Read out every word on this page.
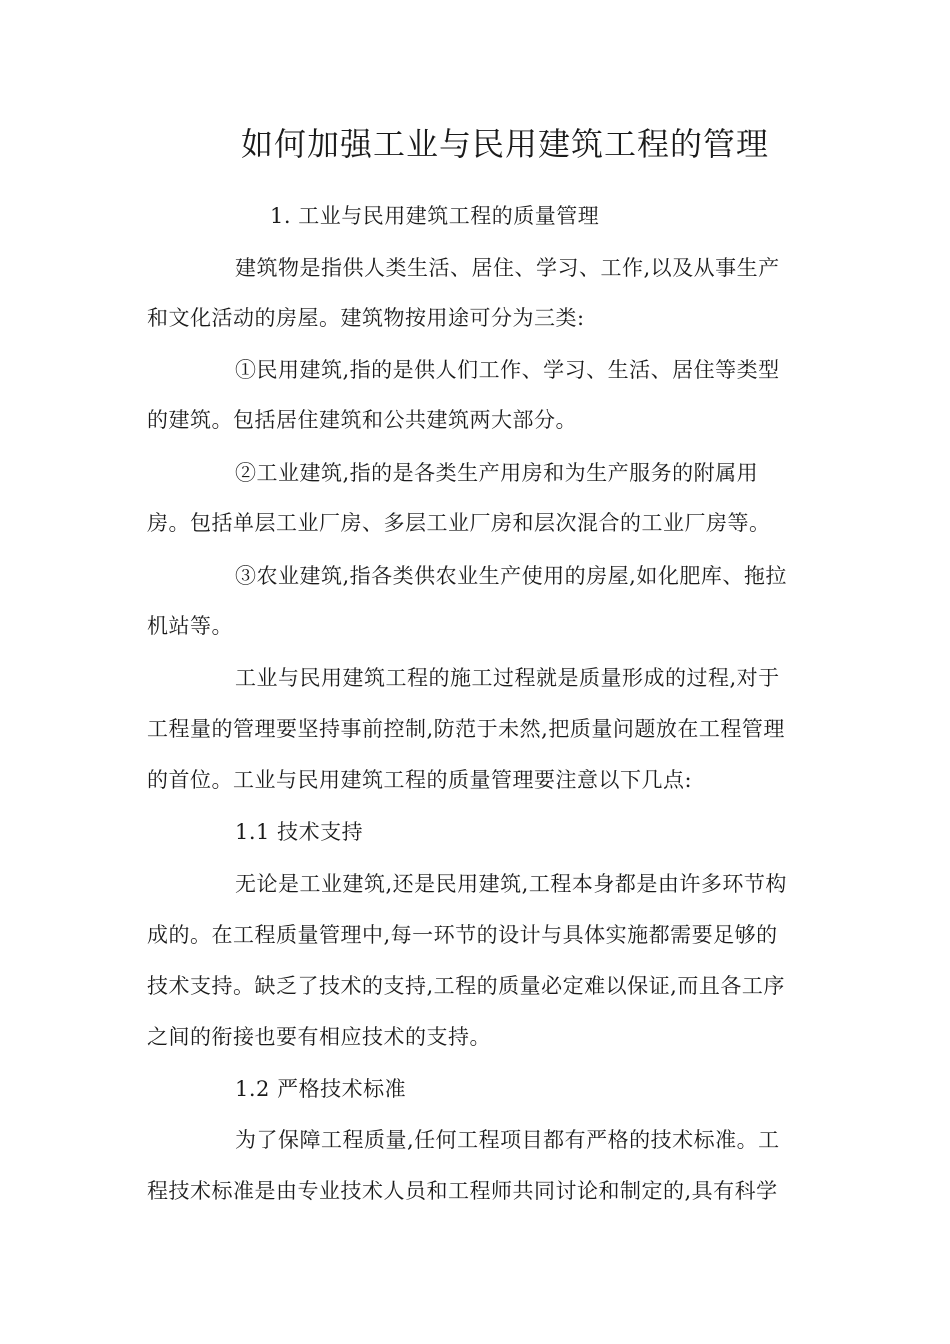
如何加强工业与民用建筑工程的管理
1. 工业与民用建筑工程的质量管理
建筑物是指供人类生活、居住、学习、工作,以及从事生产
和文化活动的房屋。建筑物按用途可分为三类:
①民用建筑,指的是供人们工作、学习、生活、居住等类型
的建筑。包括居住建筑和公共建筑两大部分。
②工业建筑,指的是各类生产用房和为生产服务的附属用
房。包括单层工业厂房、多层工业厂房和层次混合的工业厂房等。
③农业建筑,指各类供农业生产使用的房屋,如化肥库、拖拉
机站等。
工业与民用建筑工程的施工过程就是质量形成的过程,对于
工程量的管理要坚持事前控制,防范于未然,把质量问题放在工程管理
的首位。工业与民用建筑工程的质量管理要注意以下几点:
1.1 技术支持
无论是工业建筑,还是民用建筑,工程本身都是由许多环节构
成的。在工程质量管理中,每一环节的设计与具体实施都需要足够的
技术支持。缺乏了技术的支持,工程的质量必定难以保证,而且各工序
之间的衔接也要有相应技术的支持。
1.2 严格技术标准
为了保障工程质量,任何工程项目都有严格的技术标准。工
程技术标准是由专业技术人员和工程师共同讨论和制定的,具有科学
